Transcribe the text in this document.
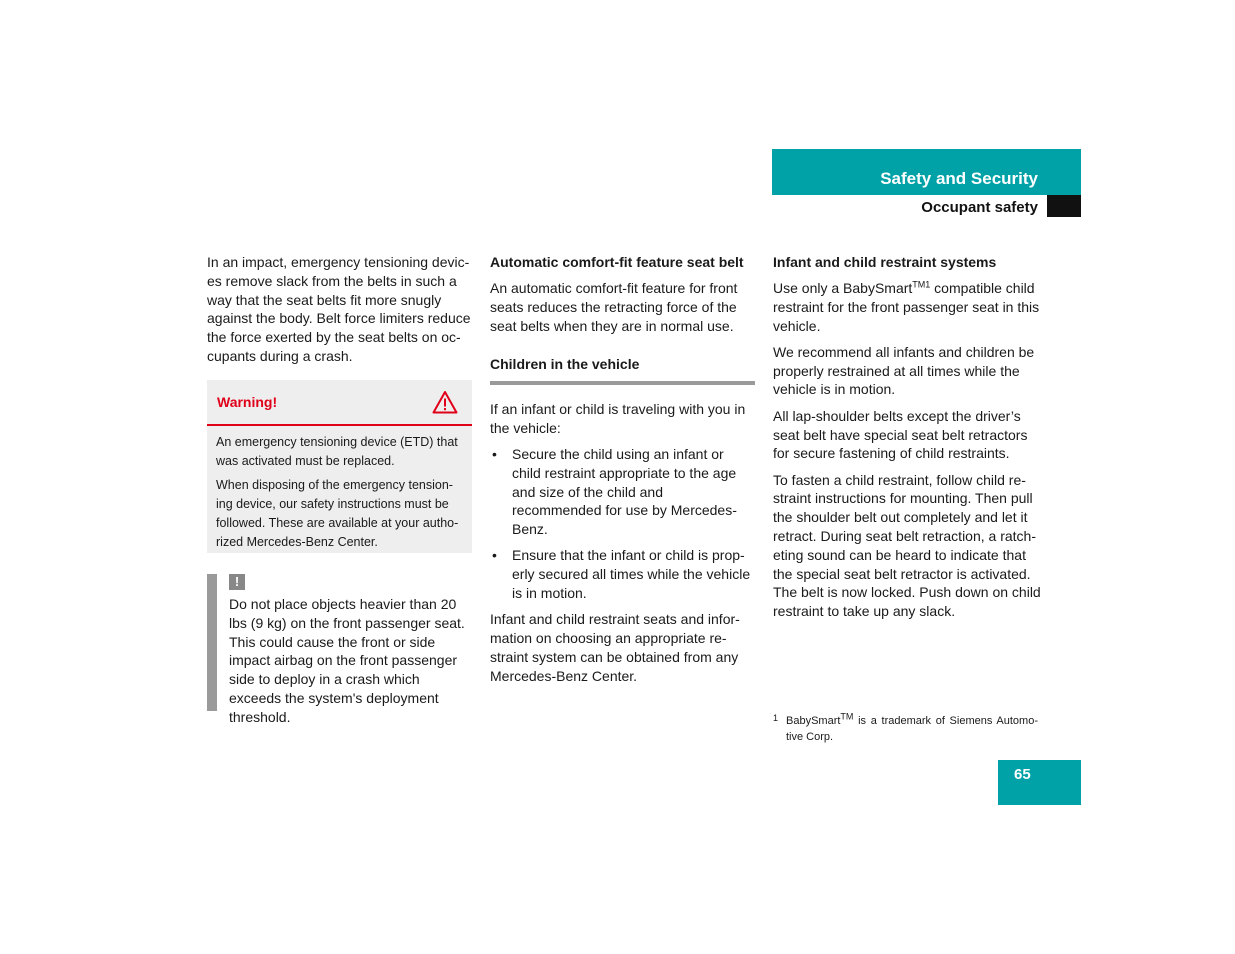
Safety and Security
Occupant safety

In an impact, emergency tensioning devic-es remove slack from the belts in such a way that the seat belts fit more snugly against the body. Belt force limiters reduce the force exerted by the seat belts on oc-cupants during a crash.

Warning!

An emergency tensioning device (ETD) that was activated must be replaced.

When disposing of the emergency tension-ing device, our safety instructions must be followed. These are available at your autho-rized Mercedes-Benz Center.

!
Do not place objects heavier than 20 lbs (9 kg) on the front passenger seat. This could cause the front or side impact airbag on the front passenger side to deploy in a crash which exceeds the system's deployment threshold.

Automatic comfort-fit feature seat belt

An automatic comfort-fit feature for front seats reduces the retracting force of the seat belts when they are in normal use.

Children in the vehicle

If an infant or child is traveling with you in the vehicle:

• Secure the child using an infant or child restraint appropriate to the age and size of the child and recommended for use by Mercedes-Benz.
• Ensure that the infant or child is prop-erly secured all times while the vehicle is in motion.

Infant and child restraint seats and infor-mation on choosing an appropriate re-straint system can be obtained from any Mercedes-Benz Center.

Infant and child restraint systems

Use only a BabySmart$^{TM1}$ compatible child restraint for the front passenger seat in this vehicle.

We recommend all infants and children be properly restrained at all times while the vehicle is in motion.

All lap-shoulder belts except the driver’s seat belt have special seat belt retractors for secure fastening of child restraints.

To fasten a child restraint, follow child re-straint instructions for mounting. Then pull the shoulder belt out completely and let it retract. During seat belt retraction, a ratch-eting sound can be heard to indicate that the special seat belt retractor is activated. The belt is now locked. Push down on child restraint to take up any slack.

1 BabySmart™ is a trademark of Siemens Automo-tive Corp.
65
